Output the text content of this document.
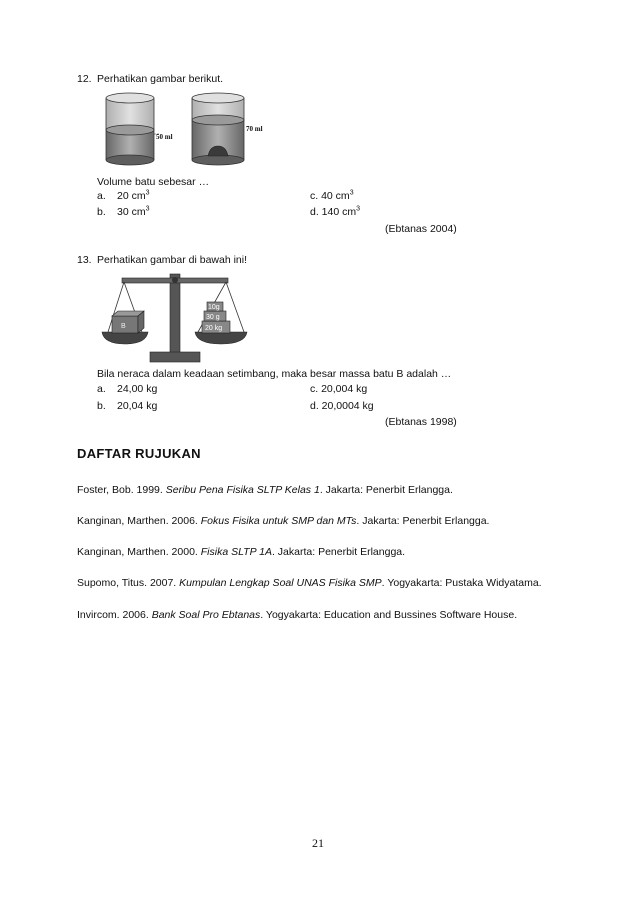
12. Perhatikan gambar berikut.
50 ml
70 ml
Volume batu sebesar …
a. 20 $cm^3$	c. 40 $cm^3$
b. 30 $cm^3$	d. 140 $cm^3$
(Ebtanas 2004)
13. Perhatikan gambar di bawah ini!
B	20 kg
30 g
10g
Bila neraca dalam keadaan setimbang, maka besar massa batu B adalah …
a. 24,00 kg	c. 20,004 kg
b. 20,04 kg	d. 20,0004 kg
(Ebtanas 1998)
DAFTAR RUJUKAN
Foster, Bob. 1999. Seribu Pena Fisika SLTP Kelas 1. Jakarta: Penerbit Erlangga.
Kanginan, Marthen. 2006. Fokus Fisika untuk SMP dan MTs. Jakarta: Penerbit Erlangga.
Kanginan, Marthen. 2000. Fisika SLTP 1A. Jakarta: Penerbit Erlangga.
Supomo, Titus. 2007. Kumpulan Lengkap Soal UNAS Fisika SMP. Yogyakarta: Pustaka Widyatama.
Invircom. 2006. Bank Soal Pro Ebtanas. Yogyakarta: Education and Bussines Software House.
21
